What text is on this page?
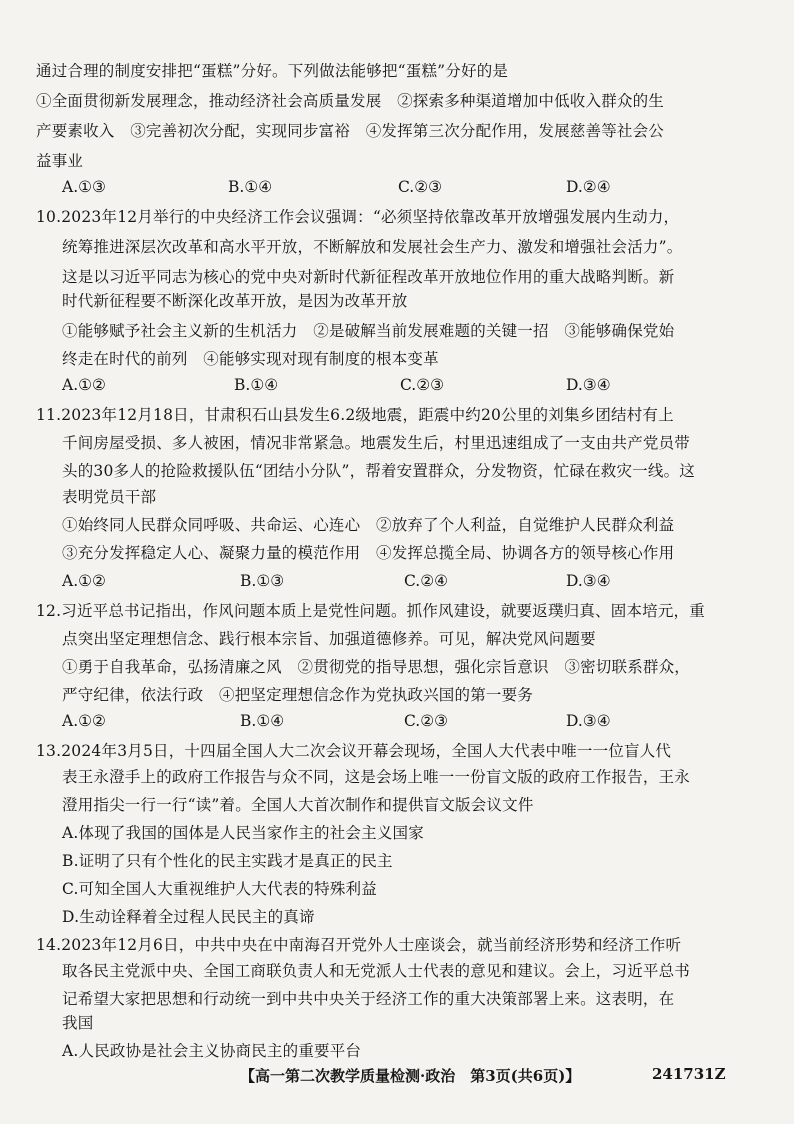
通过合理的制度安排把“蛋糕”分好。下列做法能够把“蛋糕”分好的是
①全面贯彻新发展理念，推动经济社会高质量发展　②探索多种渠道增加中低收入群众的生
产要素收入　③完善初次分配，实现同步富裕　④发挥第三次分配作用，发展慈善等社会公
益事业
A.①③	B.①④	C.②③	D.②④
10.2023年12月举行的中央经济工作会议强调：“必须坚持依靠改革开放增强发展内生动力，
统筹推进深层次改革和高水平开放，不断解放和发展社会生产力、激发和增强社会活力”。
这是以习近平同志为核心的党中央对新时代新征程改革开放地位作用的重大战略判断。新
时代新征程要不断深化改革开放，是因为改革开放
①能够赋予社会主义新的生机活力　②是破解当前发展难题的关键一招　③能够确保党始
终走在时代的前列　④能够实现对现有制度的根本变革
A.①②	B.①④	C.②③	D.③④
11.2023年12月18日，甘肃积石山县发生6.2级地震，距震中约20公里的刘集乡团结村有上
千间房屋受损、多人被困，情况非常紧急。地震发生后，村里迅速组成了一支由共产党员带
头的30多人的抢险救援队伍“团结小分队”，帮着安置群众，分发物资，忙碌在救灾一线。这
表明党员干部
①始终同人民群众同呼吸、共命运、心连心　②放弃了个人利益，自觉维护人民群众利益
③充分发挥稳定人心、凝聚力量的模范作用　④发挥总揽全局、协调各方的领导核心作用
A.①②	B.①③	C.②④	D.③④
12.习近平总书记指出，作风问题本质上是党性问题。抓作风建设，就要返璞归真、固本培元，重
点突出坚定理想信念、践行根本宗旨、加强道德修养。可见，解决党风问题要
①勇于自我革命，弘扬清廉之风　②贯彻党的指导思想，强化宗旨意识　③密切联系群众，
严守纪律，依法行政　④把坚定理想信念作为党执政兴国的第一要务
A.①②	B.①④	C.②③	D.③④
13.2024年3月5日，十四届全国人大二次会议开幕会现场，全国人大代表中唯一一位盲人代
表王永澄手上的政府工作报告与众不同，这是会场上唯一一份盲文版的政府工作报告，王永
澄用指尖一行一行“读”着。全国人大首次制作和提供盲文版会议文件
A.体现了我国的国体是人民当家作主的社会主义国家
B.证明了只有个性化的民主实践才是真正的民主
C.可知全国人大重视维护人大代表的特殊利益
D.生动诠释着全过程人民民主的真谛
14.2023年12月6日，中共中央在中南海召开党外人士座谈会，就当前经济形势和经济工作听
取各民主党派中央、全国工商联负责人和无党派人士代表的意见和建议。会上，习近平总书
记希望大家把思想和行动统一到中共中央关于经济工作的重大决策部署上来。这表明，在
我国
A.人民政协是社会主义协商民主的重要平台
【高一第二次教学质量检测·政治　第3页(共6页)】	241731Z
